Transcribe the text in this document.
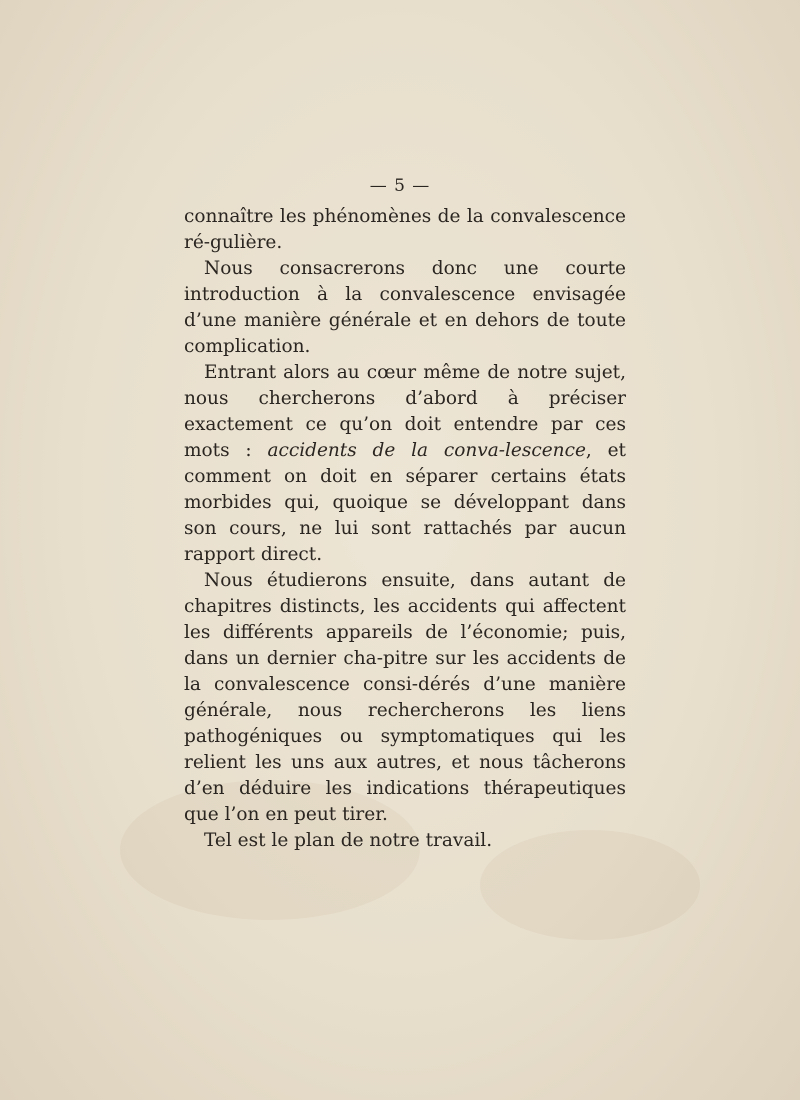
— 5 —

connaître les phénomènes de la convalescence ré-gulière.

Nous consacrerons donc une courte introduction à la convalescence envisagée d’une manière générale et en dehors de toute complication.

Entrant alors au cœur même de notre sujet, nous chercherons d’abord à préciser exactement ce qu’on doit entendre par ces mots : accidents de la conva-lescence, et comment on doit en séparer certains états morbides qui, quoique se développant dans son cours, ne lui sont rattachés par aucun rapport direct.

Nous étudierons ensuite, dans autant de chapitres distincts, les accidents qui affectent les différents appareils de l’économie; puis, dans un dernier cha-pitre sur les accidents de la convalescence consi-dérés d’une manière générale, nous rechercherons les liens pathogéniques ou symptomatiques qui les relient les uns aux autres, et nous tâcherons d’en déduire les indications thérapeutiques que l’on en peut tirer.

Tel est le plan de notre travail.
